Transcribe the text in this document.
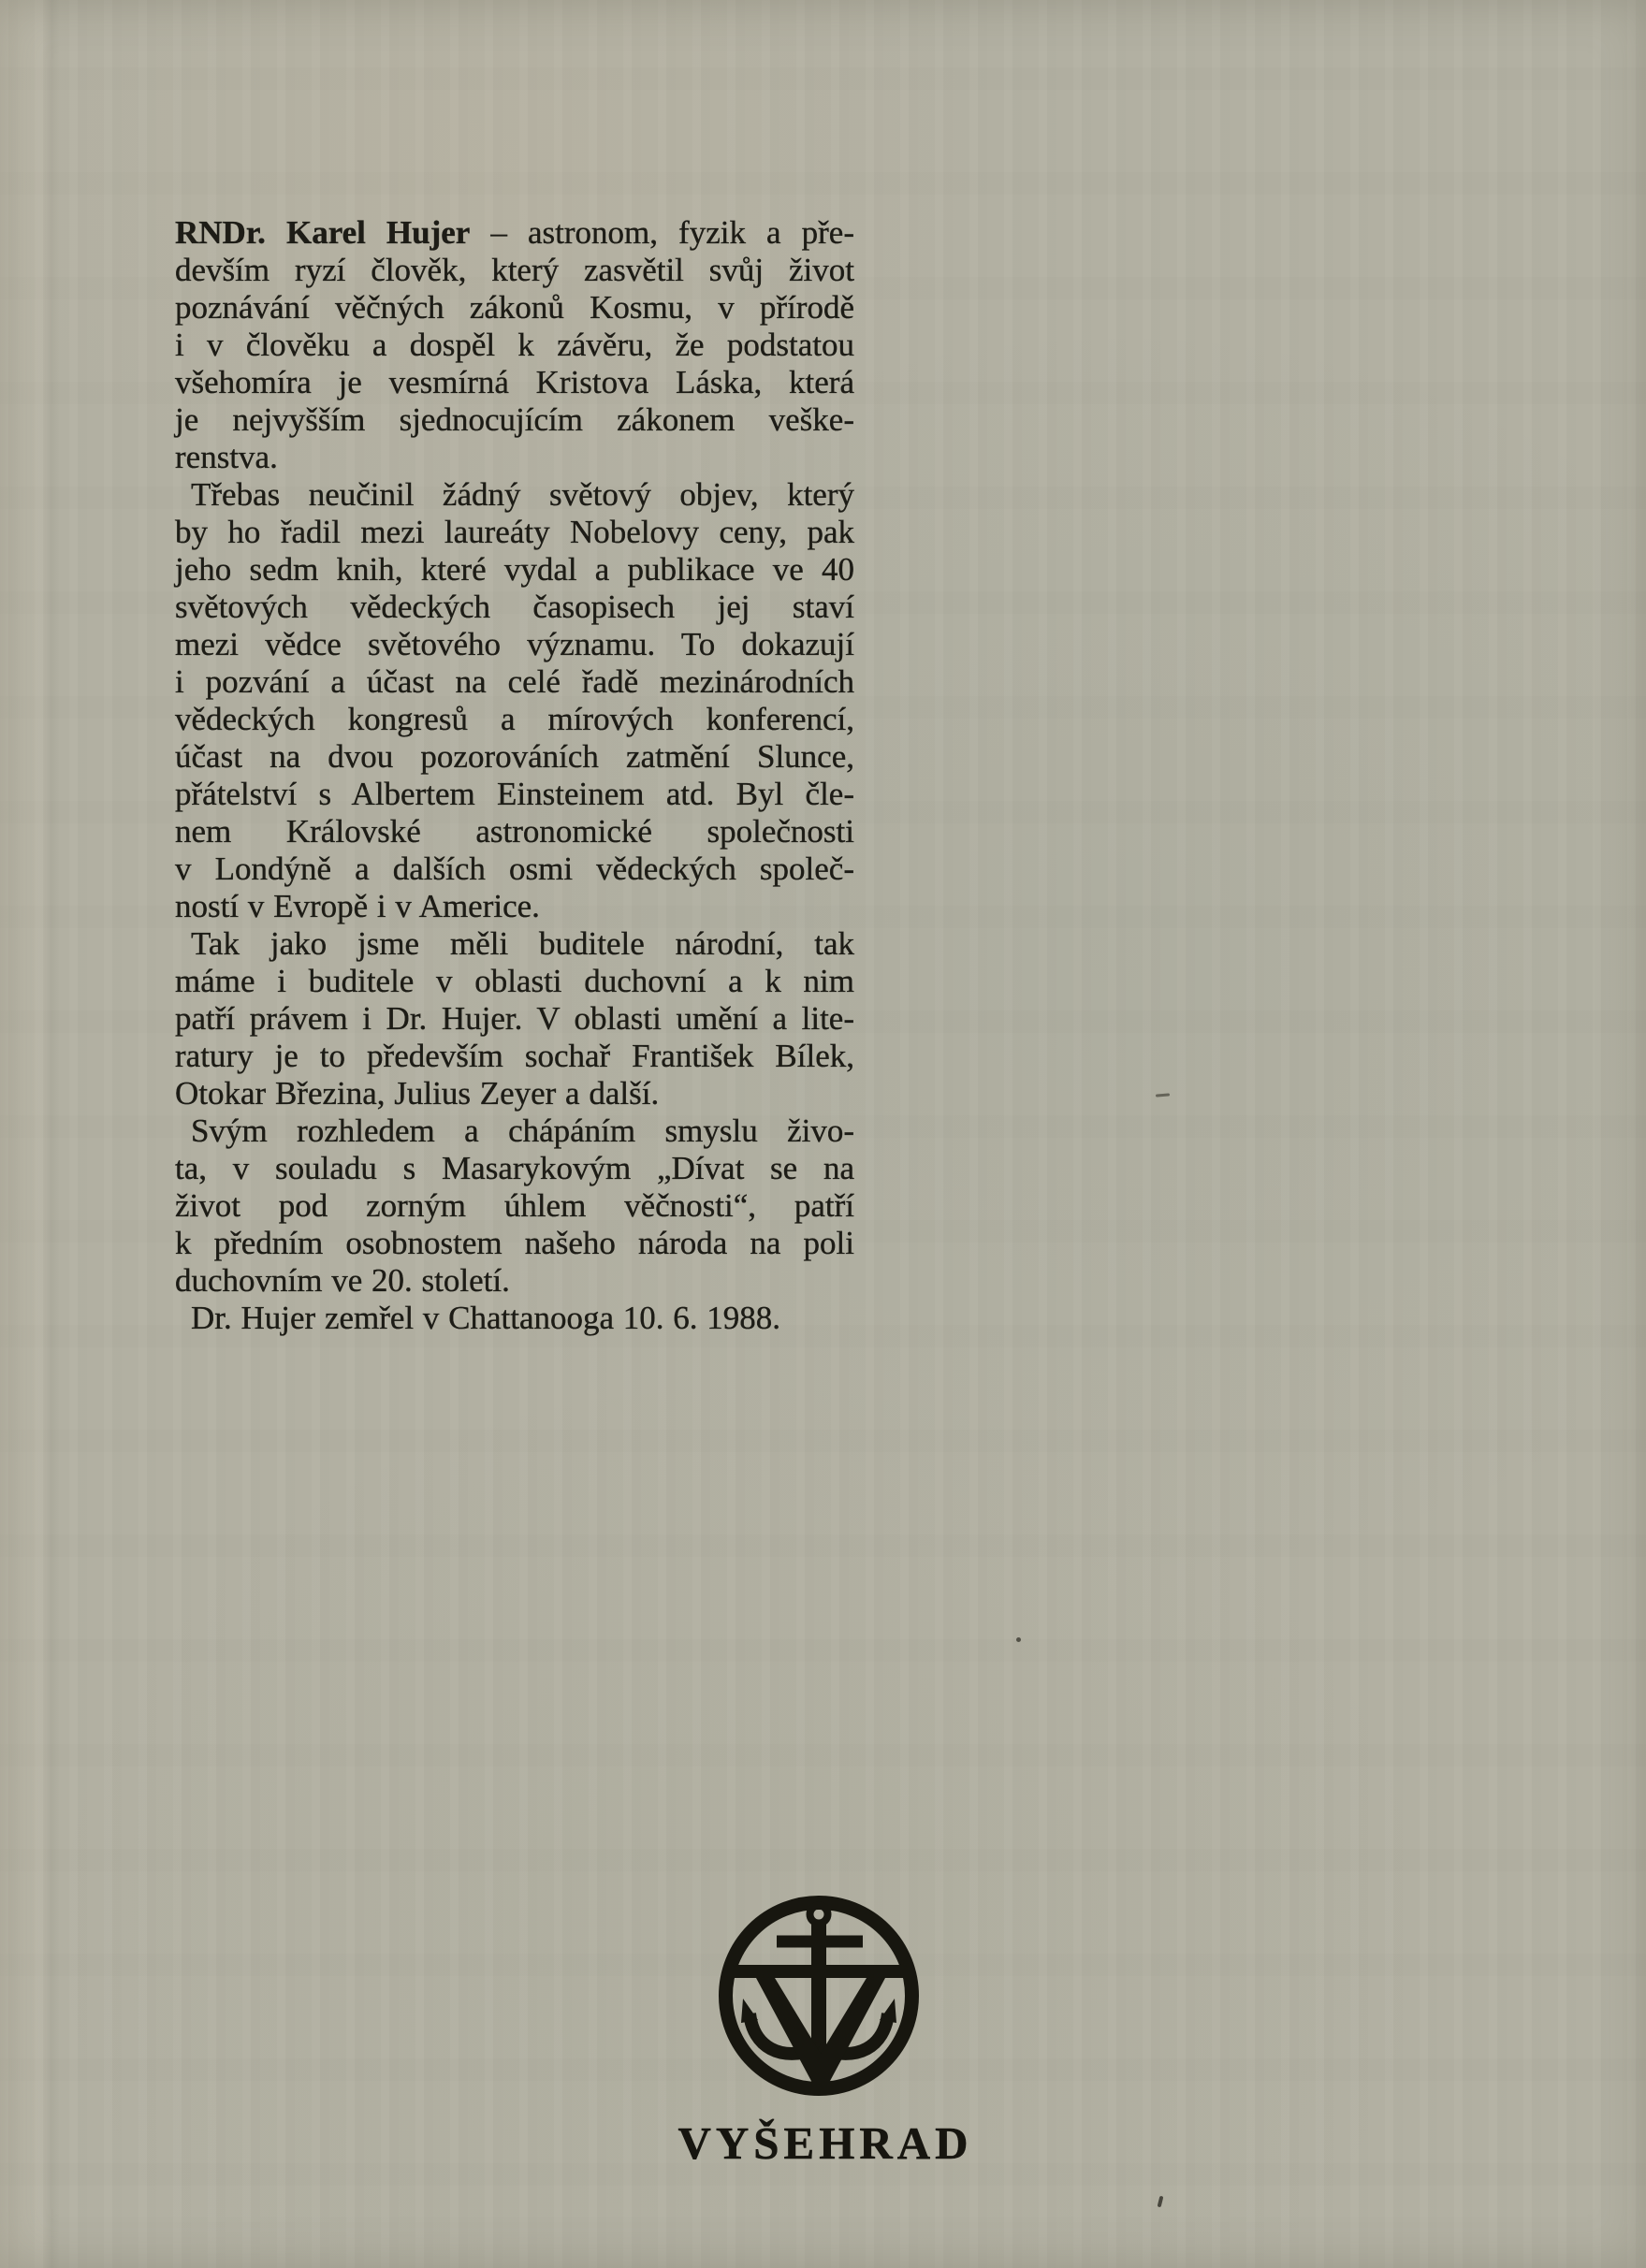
RNDr. Karel Hujer – astronom, fyzik a pře-
devším ryzí člověk, který zasvětil svůj život
poznávání věčných zákonů Kosmu, v přírodě
i v člověku a dospěl k závěru, že podstatou
všehomíra je vesmírná Kristova Láska, která
je nejvyšším sjednocujícím zákonem veške-
renstva.
Třebas neučinil žádný světový objev, který
by ho řadil mezi laureáty Nobelovy ceny, pak
jeho sedm knih, které vydal a publikace ve 40
světových vědeckých časopisech jej staví
mezi vědce světového významu. To dokazují
i pozvání a účast na celé řadě mezinárodních
vědeckých kongresů a mírových konferencí,
účast na dvou pozorováních zatmění Slunce,
přátelství s Albertem Einsteinem atd. Byl čle-
nem Královské astronomické společnosti
v Londýně a dalších osmi vědeckých společ-
ností v Evropě i v Americe.
Tak jako jsme měli buditele národní, tak
máme i buditele v oblasti duchovní a k nim
patří právem i Dr. Hujer. V oblasti umění a lite-
ratury je to především sochař František Bílek,
Otokar Březina, Julius Zeyer a další.
Svým rozhledem a chápáním smyslu živo-
ta, v souladu s Masarykovým „Dívat se na
život pod zorným úhlem věčnosti“, patří
k předním osobnostem našeho národa na poli
duchovním ve 20. století.
Dr. Hujer zemřel v Chattanooga 10. 6. 1988.
VYŠEHRAD
